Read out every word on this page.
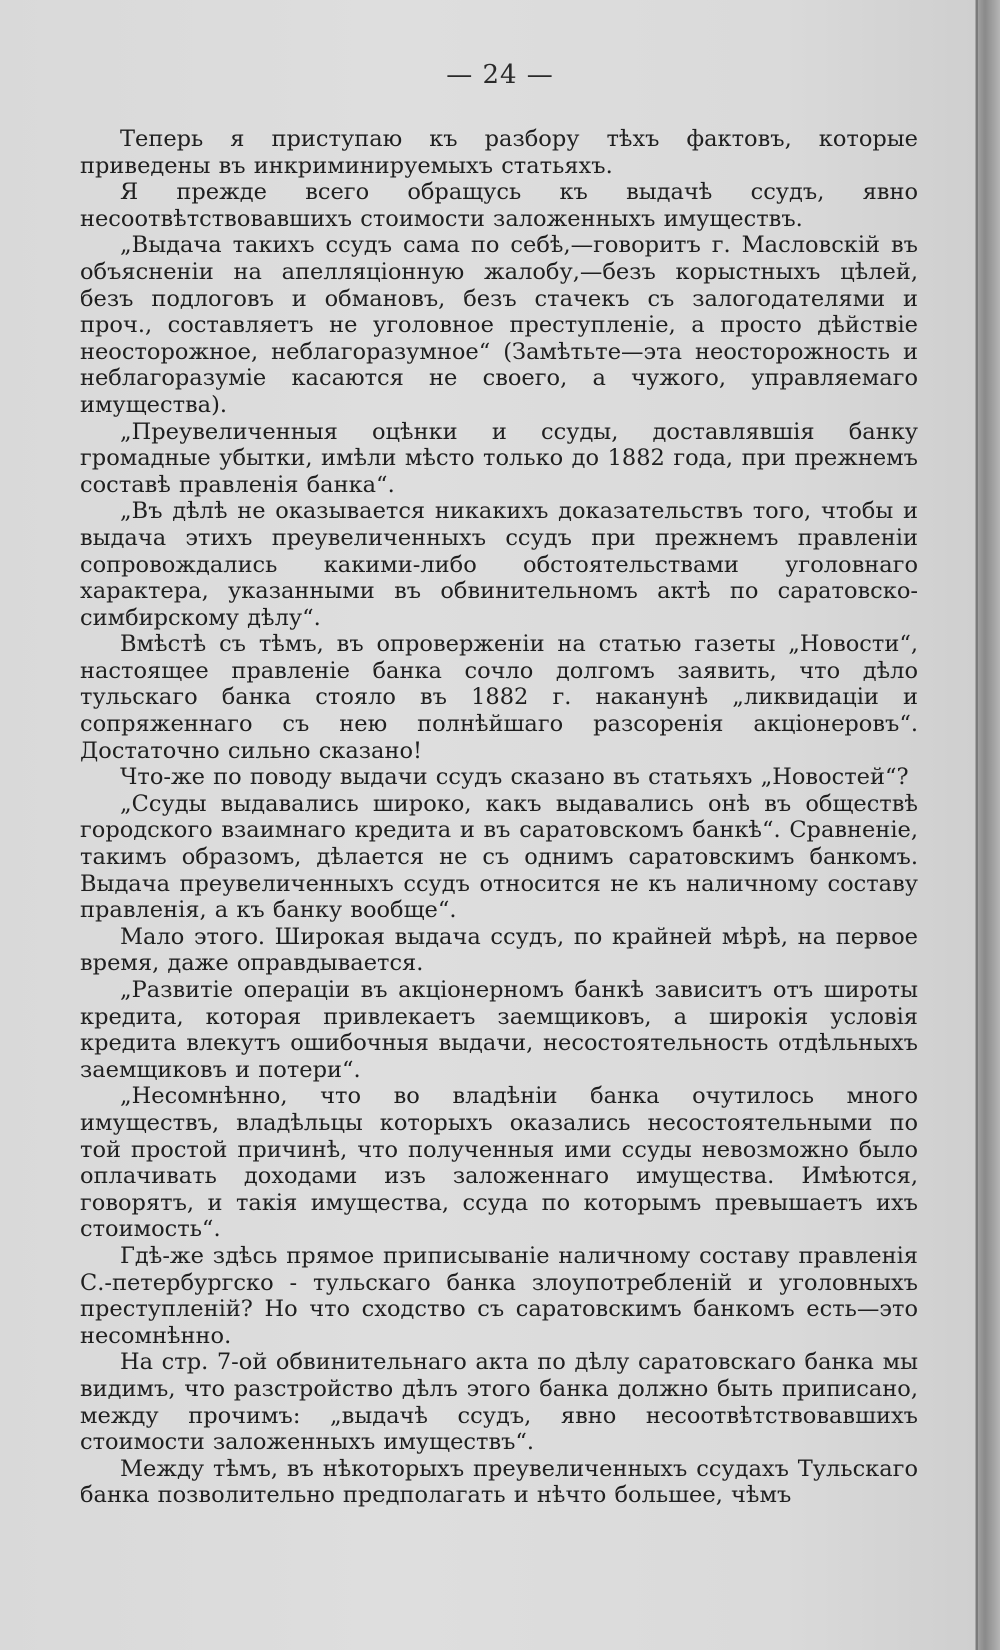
— 24 —

Теперь я приступаю къ разбору тѣхъ фактовъ, которые приведены въ инкриминируемыхъ статьяхъ.

Я прежде всего обращусь къ выдачѣ ссудъ, явно несоотвѣтствовавшихъ стоимости заложенныхъ имуществъ.

„Выдача такихъ ссудъ сама по себѣ,—говоритъ г. Масловскій въ объясненіи на апелляціонную жалобу,—безъ корыстныхъ цѣлей, безъ подлоговъ и обмановъ, безъ стачекъ съ залогодателями и проч., составляетъ не уголовное преступленіе, а просто дѣйствіе неосторожное, неблагоразумное“ (Замѣтьте—эта неосторожность и неблагоразуміе касаются не своего, а чужого, управляемаго имущества).

„Преувеличенныя оцѣнки и ссуды, доставлявшія банку громадные убытки, имѣли мѣсто только до 1882 года, при прежнемъ составѣ правленія банка“.

„Въ дѣлѣ не оказывается никакихъ доказательствъ того, чтобы и выдача этихъ преувеличенныхъ ссудъ при прежнемъ правленіи сопровождались какими-либо обстоятельствами уголовнаго характера, указанными въ обвинительномъ актѣ по саратовско-симбирскому дѣлу“.

Вмѣстѣ съ тѣмъ, въ опроверженіи на статью газеты „Новости“, настоящее правленіе банка сочло долгомъ заявить, что дѣло тульскаго банка стояло въ 1882 г. наканунѣ „ликвидаціи и сопряженнаго съ нею полнѣйшаго разсоренія акціонеровъ“. Достаточно сильно сказано!

Что-же по поводу выдачи ссудъ сказано въ статьяхъ „Новостей“?

„Ссуды выдавались широко, какъ выдавались онѣ въ обществѣ городского взаимнаго кредита и въ саратовскомъ банкѣ“. Сравненіе, такимъ образомъ, дѣлается не съ однимъ саратовскимъ банкомъ. Выдача преувеличенныхъ ссудъ относится не къ наличному составу правленія, а къ банку вообще“.

Мало этого. Широкая выдача ссудъ, по крайней мѣрѣ, на первое время, даже оправдывается.

„Развитіе операціи въ акціонерномъ банкѣ зависитъ отъ широты кредита, которая привлекаетъ заемщиковъ, а широкія условія кредита влекутъ ошибочныя выдачи, несостоятельность отдѣльныхъ заемщиковъ и потери“.

„Несомнѣнно, что во владѣніи банка очутилось много имуществъ, владѣльцы которыхъ оказались несостоятельными по той простой причинѣ, что полученныя ими ссуды невозможно было оплачивать доходами изъ заложеннаго имущества. Имѣются, говорятъ, и такія имущества, ссуда по которымъ превышаетъ ихъ стоимость“.

Гдѣ-же здѣсь прямое приписываніе наличному составу правленія С.-петербургско - тульскаго банка злоупотребленій и уголовныхъ преступленій? Но что сходство съ саратовскимъ банкомъ есть—это несомнѣнно.

На стр. 7-ой обвинительнаго акта по дѣлу саратовскаго банка мы видимъ, что разстройство дѣлъ этого банка должно быть приписано, между прочимъ: „выдачѣ ссудъ, явно несоотвѣтствовавшихъ стоимости заложенныхъ имуществъ“.

Между тѣмъ, въ нѣкоторыхъ преувеличенныхъ ссудахъ Тульскаго банка позволительно предполагать и нѣчто большее, чѣмъ
